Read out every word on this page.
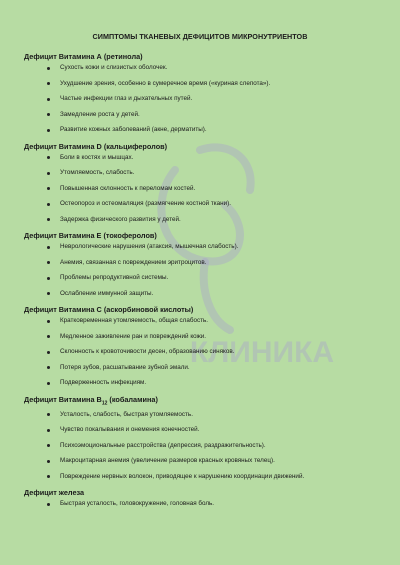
КЛИНИКА
СИМПТОМЫ ТКАНЕВЫХ ДЕФИЦИТОВ МИКРОНУТРИЕНТОВ
Дефицит Витамина А (ретинола)
Сухость кожи и слизистых оболочек.
Ухудшение зрения, особенно в сумеречное время («куриная слепота»).
Частые инфекции глаз и дыхательных путей.
Замедление роста у детей.
Развитие кожных заболеваний (акне, дерматиты).
Дефицит Витамина D (кальциферолов)
Боли в костях и мышцах.
Утомляемость, слабость.
Повышенная склонность к переломам костей.
Остеопороз и остеомаляция (размягчение костной ткани).
Задержка физического развития у детей.
Дефицит Витамина Е (токоферолов)
Неврологические нарушения (атаксия, мышечная слабость).
Анемия, связанная с повреждением эритроцитов.
Проблемы репродуктивной системы.
Ослабление иммунной защиты.
Дефицит Витамина С (аскорбиновой кислоты)
Кратковременная утомляемость, общая слабость.
Медленное заживление ран и повреждений кожи.
Склонность к кровоточивости десен, образованию синяков.
Потеря зубов, расшатывание зубной эмали.
Подверженность инфекциям.
Дефицит Витамина $B_{12}$ (кобаламина)
Усталость, слабость, быстрая утомляемость.
Чувство покалывания и онемения конечностей.
Психоэмоциональные расстройства (депрессия, раздражительность).
Макроцитарная анемия (увеличение размеров красных кровяных телец).
Повреждение нервных волокон, приводящее к нарушению координации движений.
Дефицит железа
Быстрая усталость, головокружение, головная боль.
